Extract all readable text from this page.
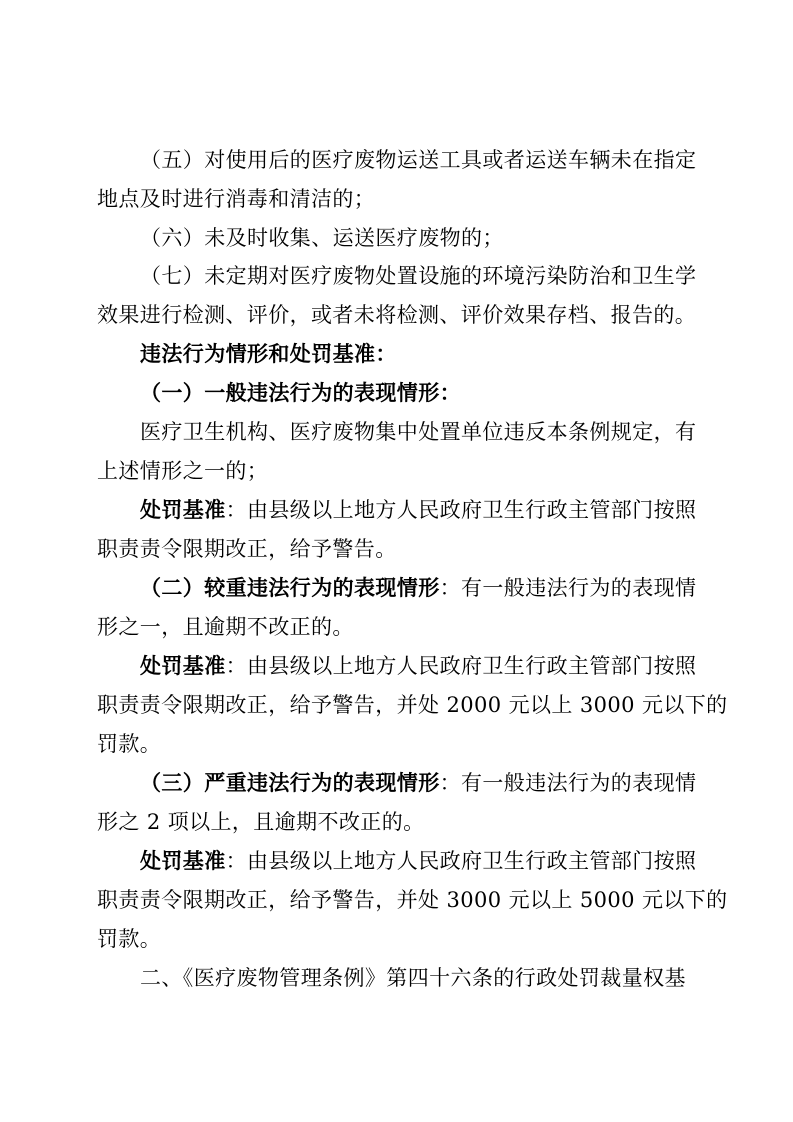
（五）对使用后的医疗废物运送工具或者运送车辆未在指定
地点及时进行消毒和清洁的；
（六）未及时收集、运送医疗废物的；
（七）未定期对医疗废物处置设施的环境污染防治和卫生学
效果进行检测、评价，或者未将检测、评价效果存档、报告的。
违法行为情形和处罚基准：
（一）一般违法行为的表现情形：
医疗卫生机构、医疗废物集中处置单位违反本条例规定，有
上述情形之一的；
处罚基准：由县级以上地方人民政府卫生行政主管部门按照
职责责令限期改正，给予警告。
（二）较重违法行为的表现情形：有一般违法行为的表现情
形之一，且逾期不改正的。
处罚基准：由县级以上地方人民政府卫生行政主管部门按照
职责责令限期改正，给予警告，并处 2000 元以上 3000 元以下的
罚款。
（三）严重违法行为的表现情形：有一般违法行为的表现情
形之 2 项以上，且逾期不改正的。
处罚基准：由县级以上地方人民政府卫生行政主管部门按照
职责责令限期改正，给予警告，并处 3000 元以上 5000 元以下的
罚款。
二、《医疗废物管理条例》第四十六条的行政处罚裁量权基
